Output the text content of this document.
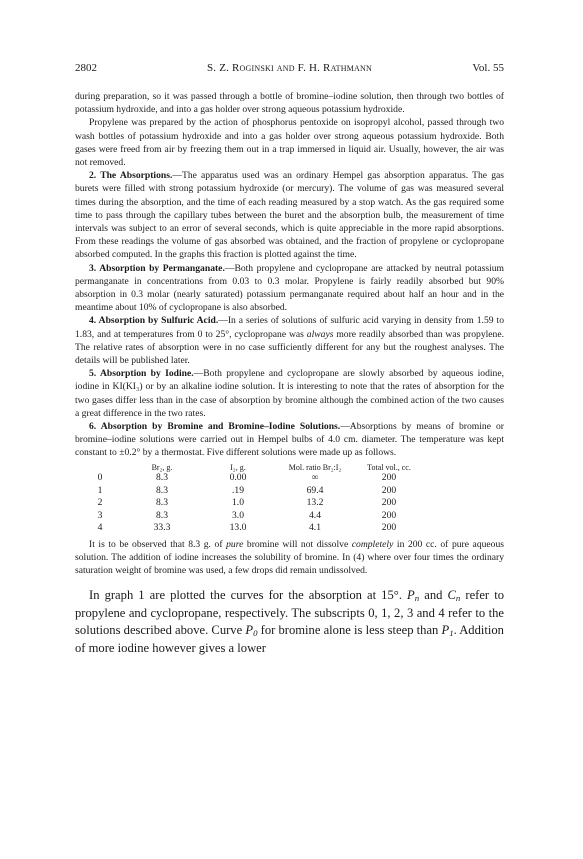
S. Z. Roginski and F. H. Rathmann
2802	Vol. 55

during preparation, so it was passed through a bottle of bromine–iodine solution, then through two bottles of potassium hydroxide, and into a gas holder over strong aqueous potassium hydroxide.

Propylene was prepared by the action of phosphorus pentoxide on isopropyl alcohol, passed through two wash bottles of potassium hydroxide and into a gas holder over strong aqueous potassium hydroxide. Both gases were freed from air by freezing them out in a trap immersed in liquid air. Usually, however, the air was not removed.

2. The Absorptions.—The apparatus used was an ordinary Hempel gas absorption apparatus. The gas burets were filled with strong potassium hydroxide (or mercury). The volume of gas was measured several times during the absorption, and the time of each reading measured by a stop watch. As the gas required some time to pass through the capillary tubes between the buret and the absorption bulb, the measurement of time intervals was subject to an error of several seconds, which is quite appreciable in the more rapid absorptions. From these readings the volume of gas absorbed was obtained, and the fraction of propylene or cyclopropane absorbed computed. In the graphs this fraction is plotted against the time.

3. Absorption by Permanganate.—Both propylene and cyclopropane are attacked by neutral potassium permanganate in concentrations from 0.03 to 0.3 molar. Propylene is fairly readily absorbed but 90% absorption in 0.3 molar (nearly saturated) potassium permanganate required about half an hour and in the meantime about 10% of cyclopropane is also absorbed.

4. Absorption by Sulfuric Acid.—In a series of solutions of sulfuric acid varying in density from 1.59 to 1.83, and at temperatures from 0 to 25°, cyclopropane was always more readily absorbed than was propylene. The relative rates of absorption were in no case sufficiently different for any but the roughest analyses. The details will be published later.

5. Absorption by Iodine.—Both propylene and cyclopropane are slowly absorbed by aqueous iodine, iodine in KI(KI₃) or by an alkaline iodine solution. It is interesting to note that the rates of absorption for the two gases differ less than in the case of absorption by bromine although the combined action of the two causes a great difference in the two rates.

6. Absorption by Bromine and Bromine–Iodine Solutions.—Absorptions by means of bromine or bromine–iodine solutions were carried out in Hempel bulbs of 4.0 cm. diameter. The temperature was kept constant to ±0.2° by a thermostat. Five different solutions were made up as follows.

	Br₂, g.	I₂, g.	Mol. ratio Br₂:I₂	Total vol., cc.
0	8.3	0.00	∞	200
1	8.3	.19	69.4	200
2	8.3	1.0	13.2	200
3	8.3	3.0	4.4	200
4	33.3	13.0	4.1	200

It is to be observed that 8.3 g. of pure bromine will not dissolve completely in 200 cc. of pure aqueous solution. The addition of iodine increases the solubility of bromine. In (4) where over four times the ordinary saturation weight of bromine was used, a few drops did remain undissolved.

In graph 1 are plotted the curves for the absorption at 15°. $P_n$ and $C_n$ refer to propylene and cyclopropane, respectively. The subscripts 0, 1, 2, 3 and 4 refer to the solutions described above. Curve $P_0$ for bromine alone is less steep than $P_1$. Addition of more iodine however gives a lower
